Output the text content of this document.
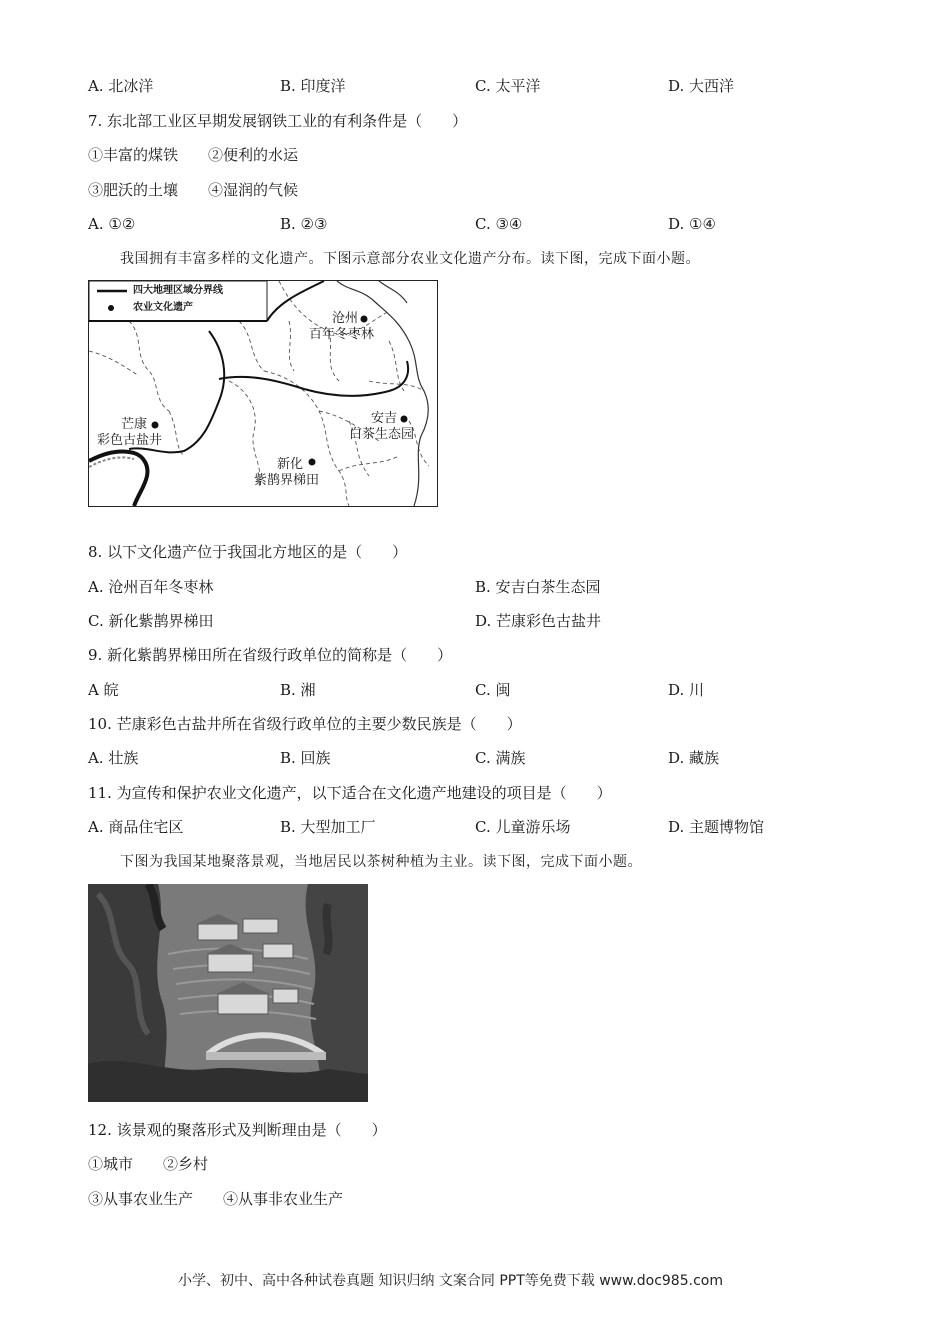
A. 北冰洋	B. 印度洋	C. 太平洋	D. 大西洋
7. 东北部工业区早期发展钢铁工业的有利条件是（　　）
①丰富的煤铁　　②便利的水运
③肥沃的土壤　　④湿润的气候
A. ①②	B. ②③	C. ③④	D. ①④
我国拥有丰富多样的文化遗产。下图示意部分农业文化遗产分布。读下图，完成下面小题。
四大地理区域分界线
农业文化遗产
沧州
百年冬枣林
安吉
白茶生态园
芒康
彩色古盐井
新化
紫鹊界梯田
8. 以下文化遗产位于我国北方地区的是（　　）
A. 沧州百年冬枣林	B. 安吉白茶生态园
C. 新化紫鹊界梯田	D. 芒康彩色古盐井
9. 新化紫鹊界梯田所在省级行政单位的简称是（　　）
A 皖	B. 湘	C. 闽	D. 川
10. 芒康彩色古盐井所在省级行政单位的主要少数民族是（　　）
A. 壮族	B. 回族	C. 满族	D. 藏族
11. 为宣传和保护农业文化遗产，以下适合在文化遗产地建设的项目是（　　）
A. 商品住宅区	B. 大型加工厂	C. 儿童游乐场	D. 主题博物馆
下图为我国某地聚落景观，当地居民以茶树种植为主业。读下图，完成下面小题。
12. 该景观的聚落形式及判断理由是（　　）
①城市　　②乡村
③从事农业生产　　④从事非农业生产
小学、初中、高中各种试卷真题 知识归纳 文案合同 PPT等免费下载 www.doc985.com
